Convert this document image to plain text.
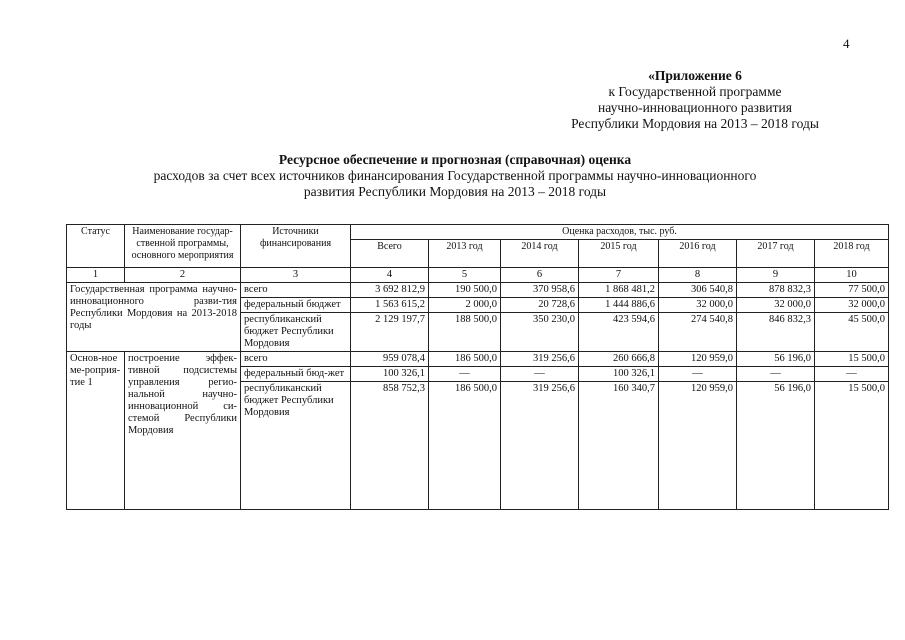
4
«Приложение 6
к Государственной программе
научно-инновационного развития
Республики Мордовия на 2013 – 2018 годы
Ресурсное обеспечение и прогнозная (справочная) оценка
расходов за счет всех источников финансирования Государственной программы научно-инновационного
развития Республики Мордовия на 2013 – 2018 годы
Статус	Наименование государ-ственной программы, основного мероприятия	Источники финансирования	Оценка расходов, тыс. руб.						
			Всего	2013 год	2014 год	2015 год	2016 год	2017 год	2018 год
1	2	3	4	5	6	7	8	9	10
Государственная программа научно-инновационного разви-тия Республики Мордовия на 2013-2018 годы		всего	3 692 812,9	190 500,0	370 958,6	1 868 481,2	306 540,8	878 832,3	77 500,0
		федеральный бюджет	1 563 615,2	2 000,0	20 728,6	1 444 886,6	32 000,0	32 000,0	32 000,0
		республиканский бюджет Республики Мордовия	2 129 197,7	188 500,0	350 230,0	423 594,6	274 540,8	846 832,3	45 500,0
Основ-ное ме-роприя-тие 1	построение эффек-тивной подсистемы управления регио-нальной научно-инновационной си-стемой Республики Мордовия	всего	959 078,4	186 500,0	319 256,6	260 666,8	120 959,0	56 196,0	15 500,0
		федеральный бюд-жет	100 326,1	—	—	100 326,1	—	—	—
		республиканский бюджет Республики Мордовия	858 752,3	186 500,0	319 256,6	160 340,7	120 959,0	56 196,0	15 500,0
